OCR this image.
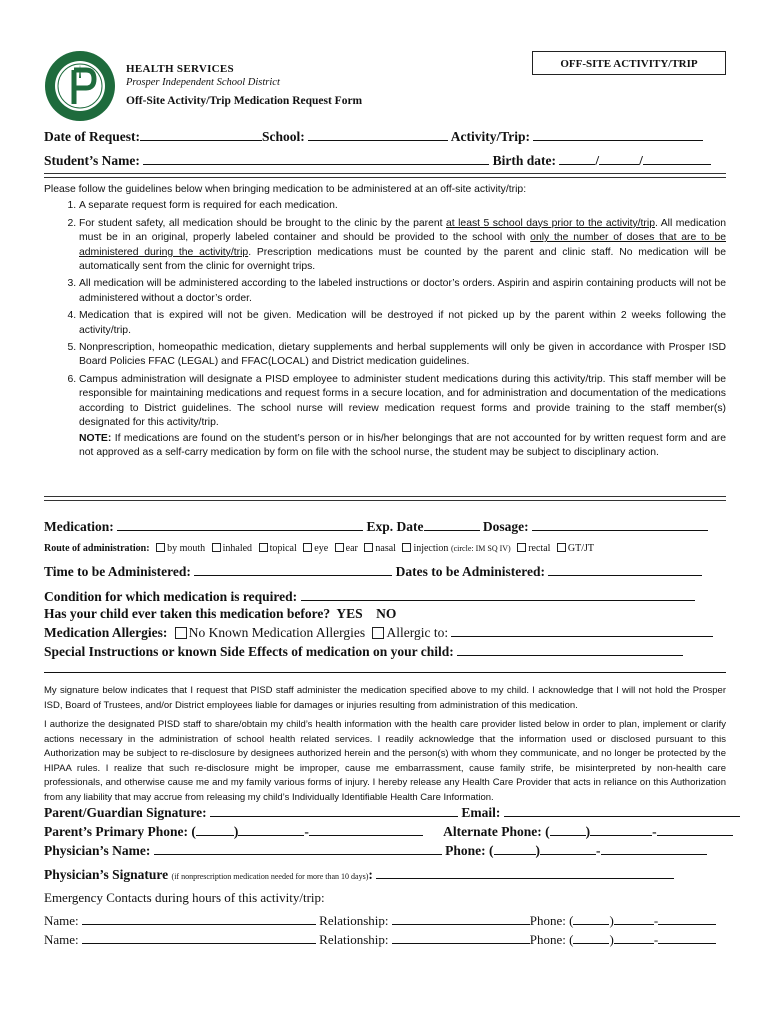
HEALTH SERVICES
Prosper Independent School District
Off-Site Activity/Trip Medication Request Form
OFF-SITE ACTIVITY/TRIP
Date of Request:	School:	Activity/Trip:
Student’s Name:	Birth date:	/	/
Please follow the guidelines below when bringing medication to be administered at an off-site activity/trip:
1. A separate request form is required for each medication.
2. For student safety, all medication should be brought to the clinic by the parent at least 5 school days prior to the activity/trip. All medication must be in an original, properly labeled container and should be provided to the school with only the number of doses that are to be administered during the activity/trip. Prescription medications must be counted by the parent and clinic staff. No medication will be automatically sent from the clinic for overnight trips.
3. All medication will be administered according to the labeled instructions or doctor’s orders. Aspirin and aspirin containing products will not be administered without a doctor’s order.
4. Medication that is expired will not be given. Medication will be destroyed if not picked up by the parent within 2 weeks following the activity/trip.
5. Nonprescription, homeopathic medication, dietary supplements and herbal supplements will only be given in accordance with Prosper ISD Board Policies FFAC (LEGAL) and FFAC(LOCAL) and District medication guidelines.
6. Campus administration will designate a PISD employee to administer student medications during this activity/trip. This staff member will be responsible for maintaining medications and request forms in a secure location, and for administration and documentation of the medications according to District guidelines. The school nurse will review medication request forms and provide training to the staff member(s) designated for this activity/trip.
NOTE: If medications are found on the student’s person or in his/her belongings that are not accounted for by written request form and are not approved as a self-carry medication by form on file with the school nurse, the student may be subject to disciplinary action.
Medication:	Exp. Date	Dosage:
Route of administration: by mouth inhaled topical eye ear nasal injection (circle: IM SQ IV) rectal GT/JT
Time to be Administered:	Dates to be Administered:
Condition for which medication is required:
Has your child ever taken this medication before? YES NO
Medication Allergies: No Known Medication Allergies Allergic to:
Special Instructions or known Side Effects of medication on your child:
My signature below indicates that I request that PISD staff administer the medication specified above to my child. I acknowledge that I will not hold the Prosper ISD, Board of Trustees, and/or District employees liable for damages or injuries resulting from administration of this medication.
I authorize the designated PISD staff to share/obtain my child’s health information with the health care provider listed below in order to plan, implement or clarify actions necessary in the administration of school health related services. I readily acknowledge that the information used or disclosed pursuant to this Authorization may be subject to re-disclosure by designees authorized herein and the person(s) with whom they communicate, and no longer be protected by the HIPAA rules. I realize that such re-disclosure might be improper, cause me embarrassment, cause family strife, be misinterpreted by non-health care professionals, and otherwise cause me and my family various forms of injury. I hereby release any Health Care Provider that acts in reliance on this Authorization from any liability that may accrue from releasing my child’s Individually Identifiable Health Care Information.
Parent/Guardian Signature:	Email:
Parent’s Primary Phone: (	)	-	Alternate Phone: (	)	-
Physician’s Name:	Phone: (	)	-
Physician’s Signature (if nonprescription medication needed for more than 10 days):
Emergency Contacts during hours of this activity/trip:
Name:	Relationship:	Phone: (	)	-
Name:	Relationship:	Phone: (	)	-
